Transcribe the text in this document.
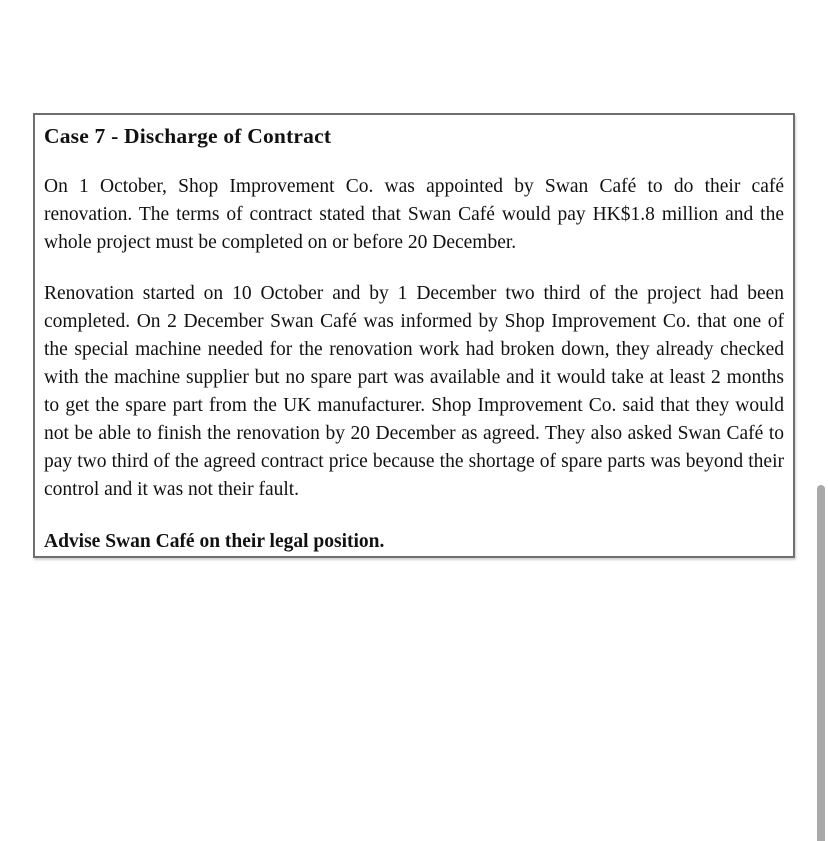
Case 7 - Discharge of Contract

On 1 October, Shop Improvement Co. was appointed by Swan Café to do their café renovation. The terms of contract stated that Swan Café would pay HK$1.8 million and the whole project must be completed on or before 20 December.

Renovation started on 10 October and by 1 December two third of the project had been completed. On 2 December Swan Café was informed by Shop Improvement Co. that one of the special machine needed for the renovation work had broken down, they already checked with the machine supplier but no spare part was available and it would take at least 2 months to get the spare part from the UK manufacturer. Shop Improvement Co. said that they would not be able to finish the renovation by 20 December as agreed. They also asked Swan Café to pay two third of the agreed contract price because the shortage of spare parts was beyond their control and it was not their fault.

Advise Swan Café on their legal position.
